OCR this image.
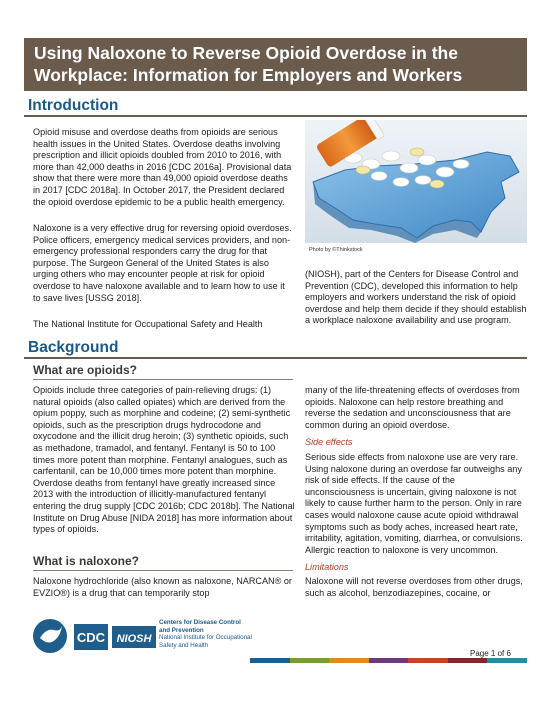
Using Naloxone to Reverse Opioid Overdose in the Workplace: Information for Employers and Workers
Introduction

Opioid misuse and overdose deaths from opioids are serious health issues in the United States. Overdose deaths involving prescription and illicit opioids doubled from 2010 to 2016, with more than 42,000 deaths in 2016 [CDC 2016a]. Provisional data show that there were more than 49,000 opioid overdose deaths in 2017 [CDC 2018a]. In October 2017, the President declared the opioid overdose epidemic to be a public health emergency.

Naloxone is a very effective drug for reversing opioid overdoses. Police officers, emergency medical services providers, and non-emergency professional responders carry the drug for that purpose. The Surgeon General of the United States is also urging others who may encounter people at risk for opioid overdose to have naloxone available and to learn how to use it to save lives [USSG 2018].

The National Institute for Occupational Safety and Health

Photo by ©Thinkstock

(NIOSH), part of the Centers for Disease Control and Prevention (CDC), developed this information to help employers and workers understand the risk of opioid overdose and help them decide if they should establish a workplace naloxone availability and use program.

Background
What are opioids?

Opioids include three categories of pain-relieving drugs: (1) natural opioids (also called opiates) which are derived from the opium poppy, such as morphine and codeine; (2) semi-synthetic opioids, such as the prescription drugs hydrocodone and oxycodone and the illicit drug heroin; (3) synthetic opioids, such as methadone, tramadol, and fentanyl. Fentanyl is 50 to 100 times more potent than morphine. Fentanyl analogues, such as carfentanil, can be 10,000 times more potent than morphine. Overdose deaths from fentanyl have greatly increased since 2013 with the introduction of illicitly-manufactured fentanyl entering the drug supply [CDC 2016b; CDC 2018b]. The National Institute on Drug Abuse [NIDA 2018] has more information about types of opioids.

What is naloxone?

Naloxone hydrochloride (also known as naloxone, NARCAN® or EVZIO®) is a drug that can temporarily stop

many of the life-threatening effects of overdoses from opioids. Naloxone can help restore breathing and reverse the sedation and unconsciousness that are common during an opioid overdose.

Side effects

Serious side effects from naloxone use are very rare. Using naloxone during an overdose far outweighs any risk of side effects. If the cause of the unconsciousness is uncertain, giving naloxone is not likely to cause further harm to the person. Only in rare cases would naloxone cause acute opioid withdrawal symptoms such as body aches, increased heart rate, irritability, agitation, vomiting, diarrhea, or convulsions. Allergic reaction to naloxone is very uncommon.

Limitations

Naloxone will not reverse overdoses from other drugs, such as alcohol, benzodiazepines, cocaine, or

CDC NIOSH
Centers for Disease Control
and Prevention
National Institute for Occupational
Safety and Health
Page 1 of 6
